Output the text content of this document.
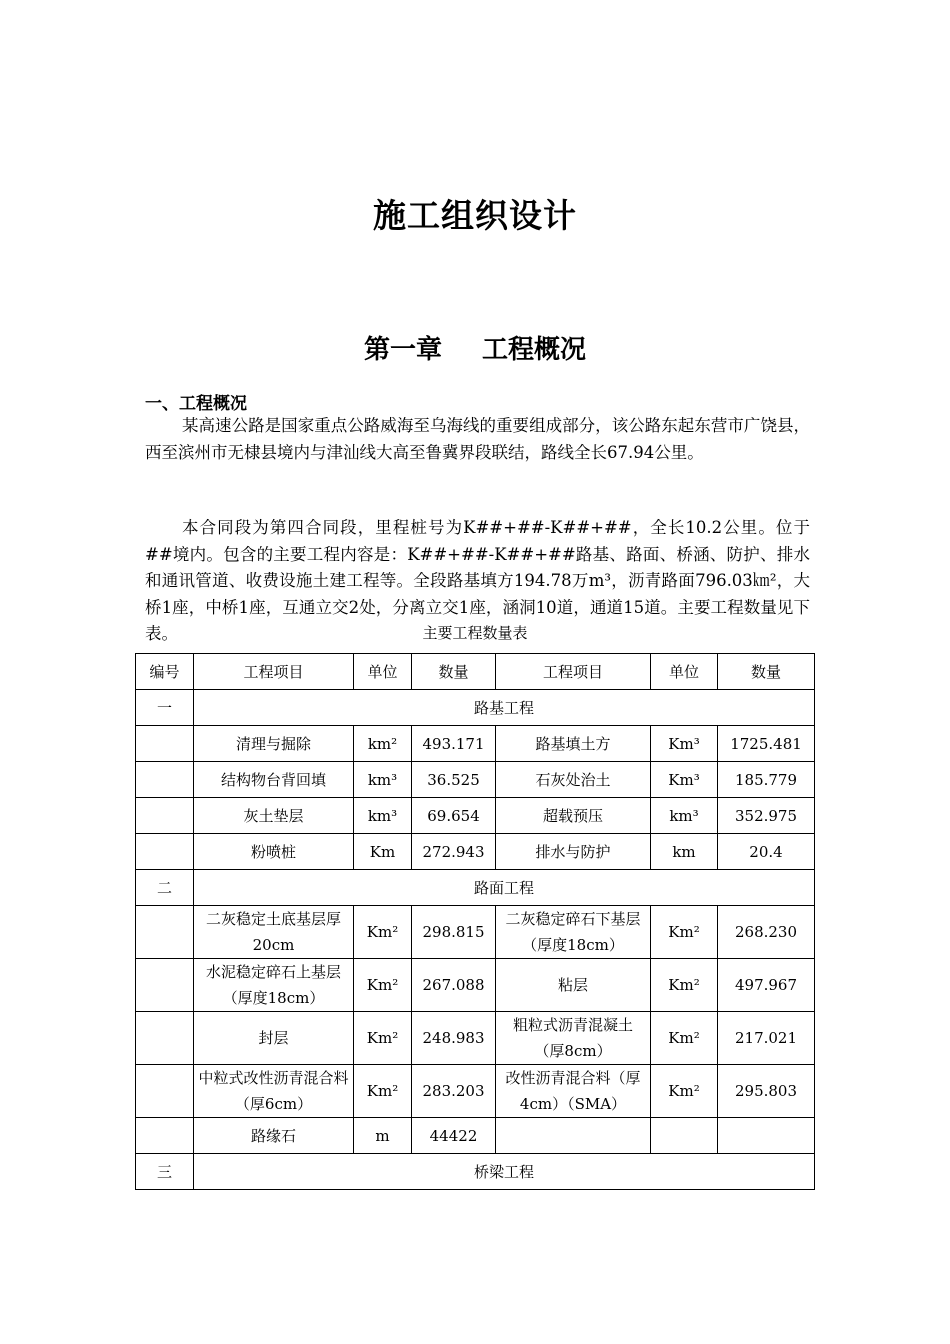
施工组织设计
第一章 工程概况
一、工程概况

某高速公路是国家重点公路威海至乌海线的重要组成部分，该公路东起东营市广饶县，西至滨州市无棣县境内与津汕线大高至鲁冀界段联结，路线全长67.94公里。

本合同段为第四合同段，里程桩号为K##+##-K##+##，全长10.2公里。位于##境内。包含的主要工程内容是：K##+##-K##+##路基、路面、桥涵、防护、排水和通讯管道、收费设施土建工程等。全段路基填方194.78万m³，沥青路面796.03㎞²，大桥1座，中桥1座，互通立交2处，分离立交1座，涵洞10道，通道15道。主要工程数量见下表。	主要工程数量表
编号	工程项目	单位	数量	工程项目	单位	数量
一	路基工程					
	清理与掘除	km²	493.171	路基填土方	Km³	1725.481
	结构物台背回填	km³	36.525	石灰处治土	Km³	185.779
	灰土垫层	km³	69.654	超载预压	km³	352.975
	粉喷桩	Km	272.943	排水与防护	km	20.4
二	路面工程					
	二灰稳定土底基层厚20cm	Km²	298.815	二灰稳定碎石下基层（厚度18cm）	Km²	268.230
	水泥稳定碎石上基层（厚度18cm）	Km²	267.088	粘层	Km²	497.967
	封层	Km²	248.983	粗粒式沥青混凝土（厚8cm）	Km²	217.021
	中粒式改性沥青混合料（厚6cm）	Km²	283.203	改性沥青混合料（厚4cm）（SMA）	Km²	295.803
	路缘石	m	44422			
三	桥梁工程					
